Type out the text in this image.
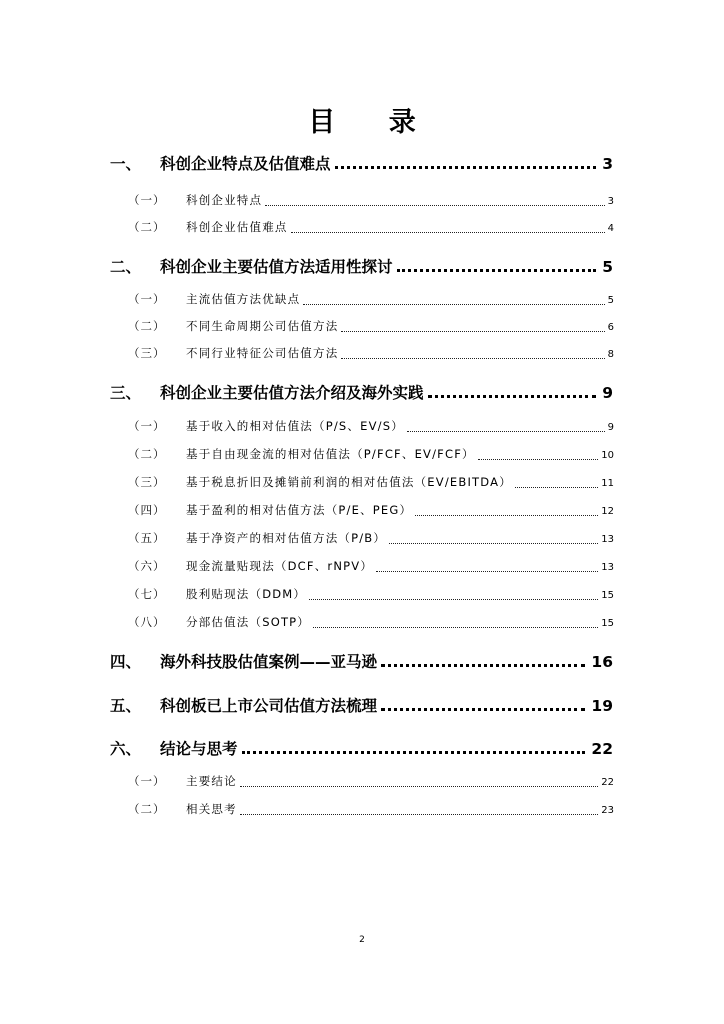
目 录
一、	科创企业特点及估值难点	3
（一）	科创企业特点	3
（二）	科创企业估值难点	4
二、	科创企业主要估值方法适用性探讨	5
（一）	主流估值方法优缺点	5
（二）	不同生命周期公司估值方法	6
（三）	不同行业特征公司估值方法	8
三、	科创企业主要估值方法介绍及海外实践	9
（一）	基于收入的相对估值法（P/S、EV/S）	9
（二）	基于自由现金流的相对估值法（P/FCF、EV/FCF）	10
（三）	基于税息折旧及摊销前利润的相对估值法（EV/EBITDA）	11
（四）	基于盈利的相对估值方法（P/E、PEG）	12
（五）	基于净资产的相对估值方法（P/B）	13
（六）	现金流量贴现法（DCF、rNPV）	13
（七）	股利贴现法（DDM）	15
（八）	分部估值法（SOTP）	15
四、	海外科技股估值案例——亚马逊	16
五、	科创板已上市公司估值方法梳理	19
六、	结论与思考	22
（一）	主要结论	22
（二）	相关思考	23
2
